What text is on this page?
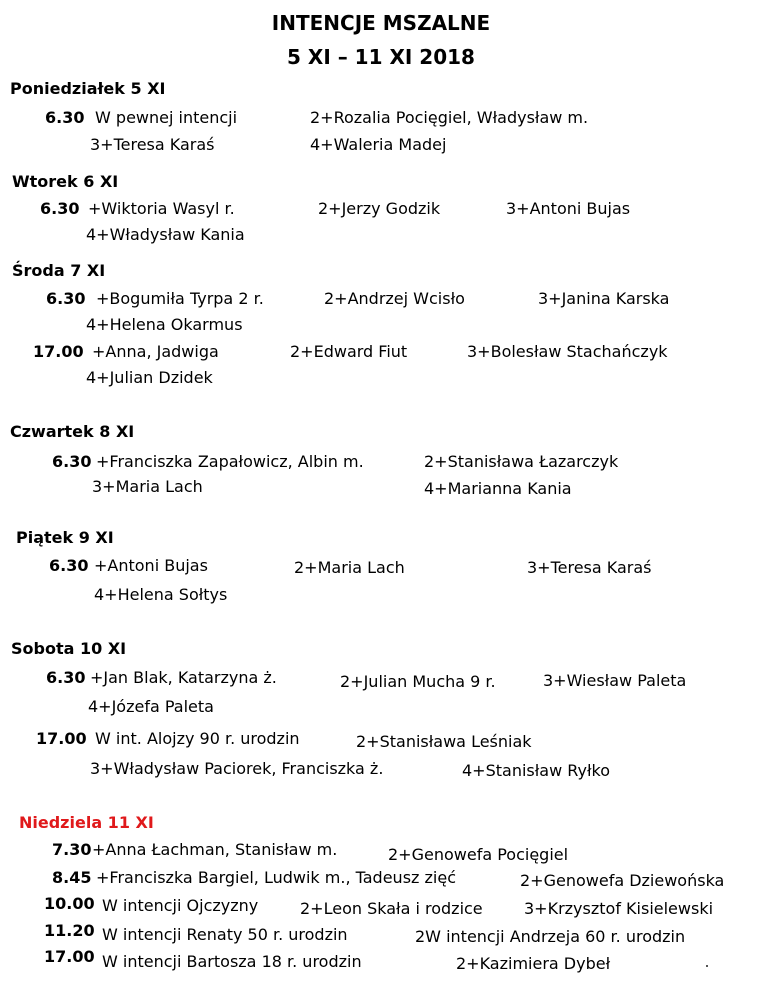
INTENCJE MSZALNE
5 XI – 11 XI 2018
Poniedziałek 5 XI
6.30 W pewnej intencji	2+Rozalia Pocięgiel, Władysław m.
3+Teresa Karaś	4+Waleria Madej
Wtorek 6 XI
6.30 +Wiktoria Wasyl r.	2+Jerzy Godzik	3+Antoni Bujas
4+Władysław Kania
Środa 7 XI
6.30 +Bogumiła Tyrpa 2 r.	2+Andrzej Wcisło	3+Janina Karska
4+Helena Okarmus
17.00 +Anna, Jadwiga	2+Edward Fiut	3+Bolesław Stachańczyk
4+Julian Dzidek
Czwartek 8 XI
6.30 +Franciszka Zapałowicz, Albin m.	2+Stanisława Łazarczyk
3+Maria Lach	4+Marianna Kania
Piątek 9 XI
6.30 +Antoni Bujas	2+Maria Lach	3+Teresa Karaś
4+Helena Sołtys
Sobota 10 XI
6.30 +Jan Blak, Katarzyna ż.	2+Julian Mucha 9 r.	3+Wiesław Paleta
4+Józefa Paleta
17.00 W int. Alojzy 90 r. urodzin	2+Stanisława Leśniak
3+Władysław Paciorek, Franciszka ż.	4+Stanisław Ryłko
Niedziela 11 XI
7.30 +Anna Łachman, Stanisław m.	2+Genowefa Pocięgiel
8.45 +Franciszka Bargiel, Ludwik m., Tadeusz zięć	2+Genowefa Dziewońska
10.00 W intencji Ojczyzny	2+Leon Skała i rodzice	3+Krzysztof Kisielewski
11.20 W intencji Renaty 50 r. urodzin	2W intencji Andrzeja 60 r. urodzin
17.00 W intencji Bartosza 18 r. urodzin	2+Kazimiera Dybeł
